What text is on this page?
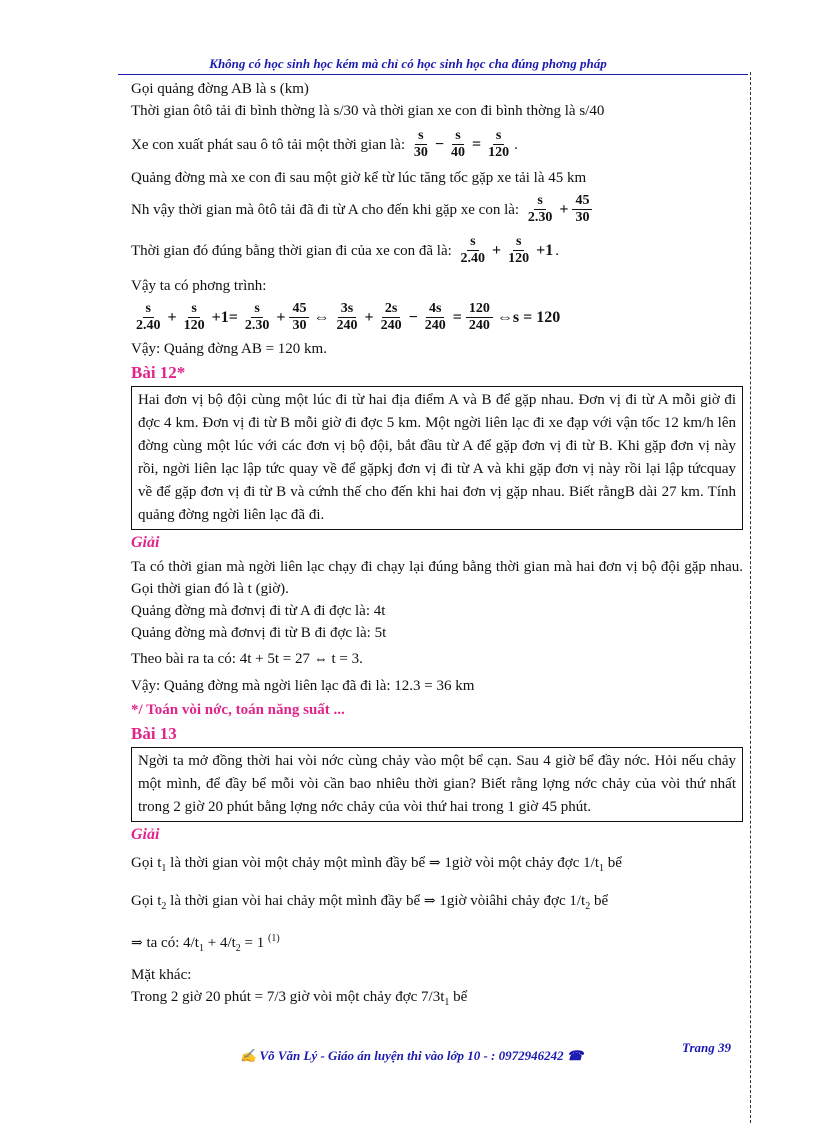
Không có học sinh học kém mà chỉ có học sinh học cha đúng phơng pháp

Gọi quảng đờng AB là s (km)

Thời gian ôtô tải đi bình thờng là s/30 và thời gian xe con đi bình thờng là s/40

Xe con xuất phát sau ô tô tải một thời gian là:
$\frac{s}{30} - \frac{s}{40} = \frac{s}{120}$ .

Quảng đờng mà xe con đi sau một giờ kể từ lúc tăng tốc gặp xe tải là 45 km

Nh vậy thời gian mà ôtô tải đã đi từ A cho đến khi gặp xe con là:
$\frac{s}{2.30} + \frac{45}{30}$
Thời gian đó đúng bằng thời gian đi của xe con đã là:
$\frac{s}{2.40} + \frac{s}{120} +1$ .

Vậy ta có phơng trình:

$\frac{s}{2.40} + \frac{s}{120} +1= \frac{s}{2.30} + \frac{45}{30}$ ⇔ $\frac{3s}{240} + \frac{2s}{240} - \frac{4s}{240} = \frac{120}{240}$ ⇔s = 120

Vậy: Quảng đờng AB = 120 km.

Bài 12*
Hai đơn vị bộ đội cùng một lúc đi từ hai địa điểm A và B để gặp nhau. Đơn vị đi từ A mỗi giờ đi đợc 4 km. Đơn vị đi từ B mỗi giờ đi đợc 5 km. Một ngời liên lạc đi xe đạp với vận tốc 12 km/h lên đờng cùng một lúc với các đơn vị bộ đội, bắt đầu từ A để gặp đơn vị đi từ B. Khi gặp đơn vị này rồi, ngời liên lạc lập tức quay về để gặpkj đơn vị đi từ A và khi gặp đơn vị này rồi lại lập tứcquay về để gặp đơn vị đi từ B và cứnh thế cho đến khi hai đơn vị gặp nhau. Biết rằngB dài 27 km. Tính quảng đờng ngời liên lạc đã đi.
Giải

Ta có thời gian mà ngời liên lạc chạy đi chạy lại đúng bằng thời gian mà hai đơn vị bộ đội gặp nhau. Gọi thời gian đó là t (giờ).

Quảng đờng mà đơnvị đi từ A đi đợc là: 4t

Quảng đờng mà đơnvị đi từ B đi đợc là: 5t

Theo bài ra ta có: 4t + 5t = 27 ⇔ t = 3.

Vậy: Quảng đờng mà ngời liên lạc đã đi là: 12.3 = 36 km

*/ Toán vòi nớc, toán năng suất ...
Bài 13
Ngời ta mở đồng thời hai vòi nớc cùng chảy vào một bể cạn. Sau 4 giờ bể đầy nớc. Hỏi nếu chảy một mình, để đầy bể mỗi vòi cần bao nhiêu thời gian? Biết rằng lợng nớc chảy của vòi thứ nhất trong 2 giờ 20 phút bằng lợng nớc chảy của vòi thứ hai trong 1 giờ 45 phút.
Giải

Gọi $t_1$ là thời gian vòi một chảy một mình đầy bể ⇒ 1giờ vòi một chảy đợc $1/t_1$ bể

Gọi $t_2$ là thời gian vòi hai chảy một mình đầy bể ⇒ 1giờ vòiâhi chảy đợc $1/t_2$ bể

⇒ ta có: $4/t_1 + 4/t_2 = 1$ $^{(1)}$

Mặt khác:

Trong 2 giờ 20 phút = 7/3 giờ vòi một chảy đợc $7/3t_1$ bể

Trang 39
✍ Võ Văn Lý - Giáo án luyện thi vào lớp 10 - : 0972946242 ☎
